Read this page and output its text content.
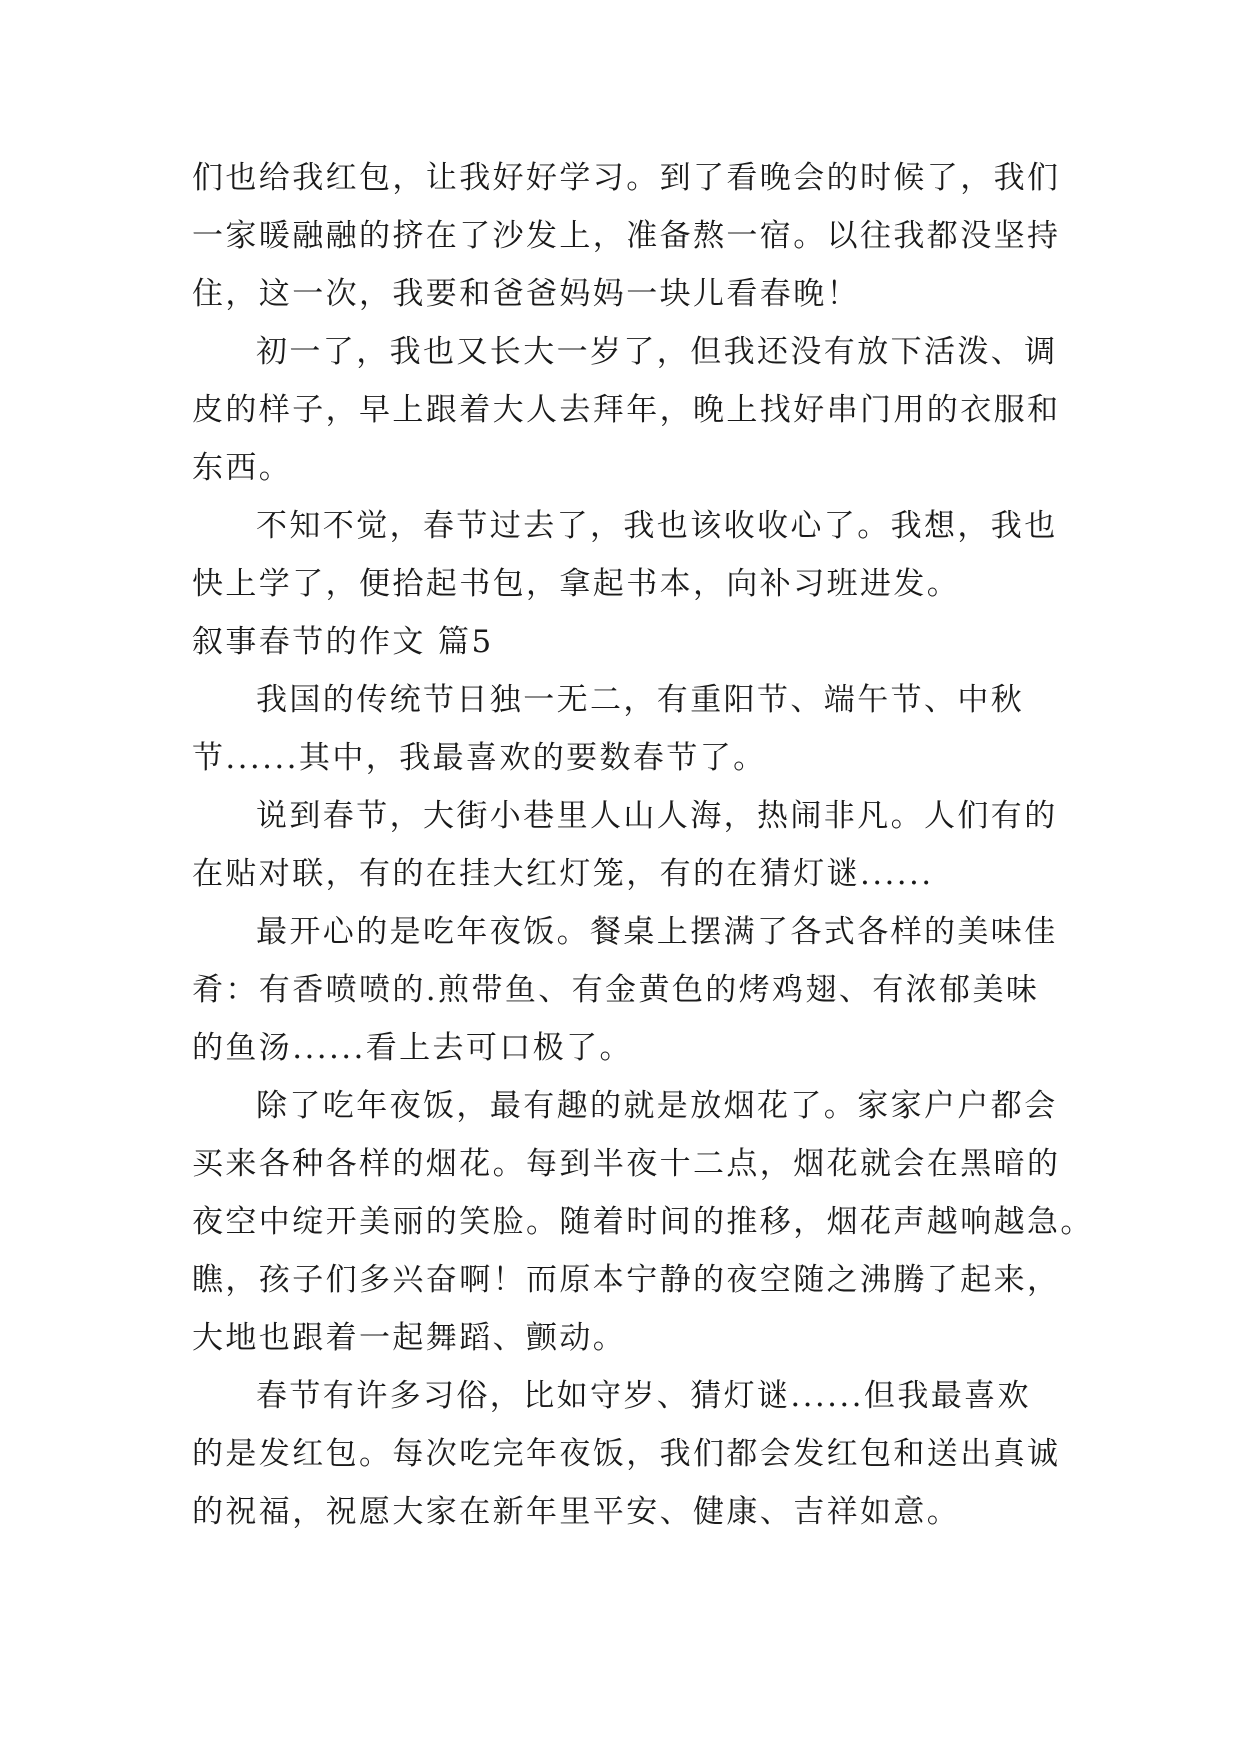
们也给我红包，让我好好学习。到了看晚会的时候了，我们
一家暖融融的挤在了沙发上，准备熬一宿。以往我都没坚持
住，这一次，我要和爸爸妈妈一块儿看春晚！
初一了，我也又长大一岁了，但我还没有放下活泼、调
皮的样子，早上跟着大人去拜年，晚上找好串门用的衣服和
东西。
不知不觉，春节过去了，我也该收收心了。我想，我也
快上学了，便拾起书包，拿起书本，向补习班进发。
叙事春节的作文 篇5
我国的传统节日独一无二，有重阳节、端午节、中秋
节......其中，我最喜欢的要数春节了。
说到春节，大街小巷里人山人海，热闹非凡。人们有的
在贴对联，有的在挂大红灯笼，有的在猜灯谜......
最开心的是吃年夜饭。餐桌上摆满了各式各样的美味佳
肴：有香喷喷的.煎带鱼、有金黄色的烤鸡翅、有浓郁美味
的鱼汤......看上去可口极了。
除了吃年夜饭，最有趣的就是放烟花了。家家户户都会
买来各种各样的烟花。每到半夜十二点，烟花就会在黑暗的
夜空中绽开美丽的笑脸。随着时间的推移，烟花声越响越急。
瞧，孩子们多兴奋啊！而原本宁静的夜空随之沸腾了起来，
大地也跟着一起舞蹈、颤动。
春节有许多习俗，比如守岁、猜灯谜......但我最喜欢
的是发红包。每次吃完年夜饭，我们都会发红包和送出真诚
的祝福，祝愿大家在新年里平安、健康、吉祥如意。
